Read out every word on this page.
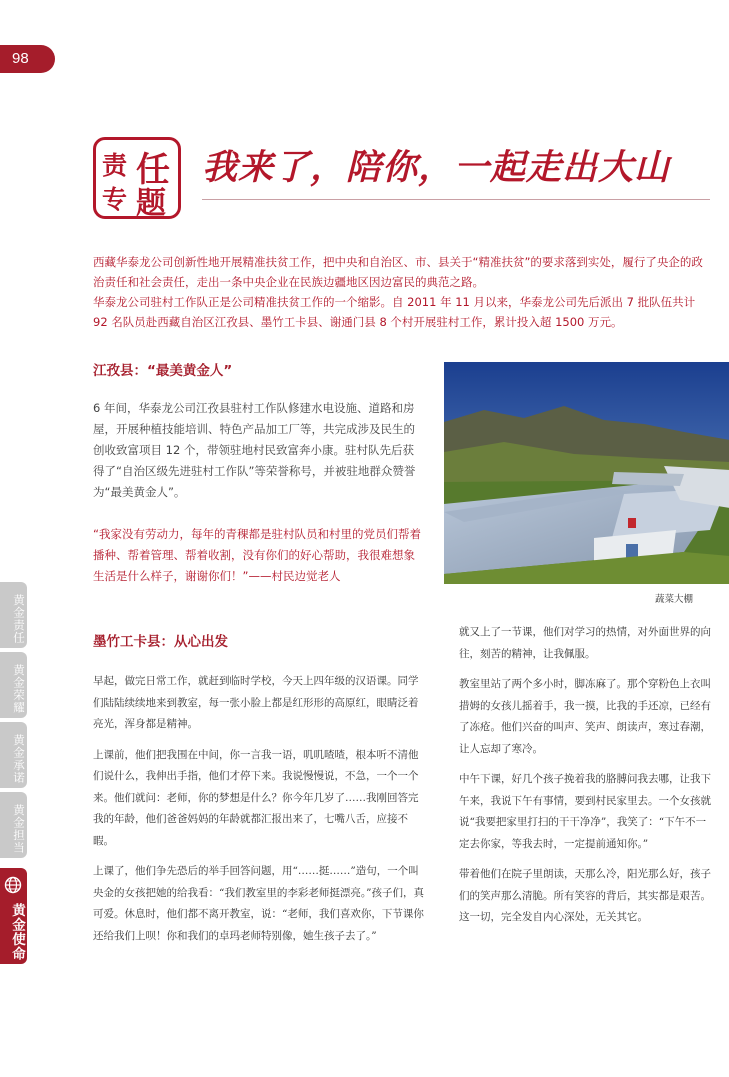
98
责 任
专 题
我来了，陪你，一起走出大山

西藏华泰龙公司创新性地开展精准扶贫工作，把中央和自治区、市、县关于“精准扶贫”的要求落到实处，履行了央企的政治责任和社会责任，走出一条中央企业在民族边疆地区因边富民的典范之路。

华泰龙公司驻村工作队正是公司精准扶贫工作的一个缩影。自 2011 年 11 月以来，华泰龙公司先后派出 7 批队伍共计 92 名队员赴西藏自治区江孜县、墨竹工卡县、谢通门县 8 个村开展驻村工作，累计投入超 1500 万元。

江孜县：“最美黄金人”

6 年间，华泰龙公司江孜县驻村工作队修建水电设施、道路和房屋，开展种植技能培训、特色产品加工厂等，共完成涉及民生的创收致富项目 12 个，带领驻地村民致富奔小康。驻村队先后获得了“自治区级先进驻村工作队”等荣誉称号，并被驻地群众赞誉为“最美黄金人”。

“我家没有劳动力，每年的青稞都是驻村队员和村里的党员们帮着播种、帮着管理、帮着收割，没有你们的好心帮助，我很难想象生活是什么样子，谢谢你们！”——村民边觉老人

蔬菜大棚
墨竹工卡县：从心出发

早起，做完日常工作，就赶到临时学校，今天上四年级的汉语课。同学们陆陆续续地来到教室，每一张小脸上都是红形形的高原红，眼睛泛着亮光，浑身都是精神。

上课前，他们把我围在中间，你一言我一语，叽叽喳喳，根本听不清他们说什么，我伸出手指，他们才停下来。我说慢慢说，不急，一个一个来。他们就问：老师，你的梦想是什么？你今年几岁了……我刚回答完我的年龄，他们爸爸妈妈的年龄就都汇报出来了，七嘴八舌，应接不暇。

上课了，他们争先恐后的举手回答问题，用“……挺……”造句，一个叫央金的女孩把她的给我看：“我们教室里的李彩老师挺漂亮。”孩子们，真可爱。休息时，他们都不离开教室，说：“老师，我们喜欢你，下节课你还给我们上呗！你和我们的卓玛老师特别像，她生孩子去了。”

就又上了一节课，他们对学习的热情，对外面世界的向往，刻苦的精神，让我佩服。

教室里站了两个多小时，脚冻麻了。那个穿粉色上衣叫措姆的女孩儿摇着手，我一摸，比我的手还凉，已经有了冻疮。他们兴奋的叫声、笑声、朗读声，寒过春潮，让人忘却了寒冷。

中午下课，好几个孩子挽着我的胳膊问我去哪，让我下午来，我说下午有事情，要到村民家里去。一个女孩就说“我要把家里打扫的干干净净”，我笑了：“下午不一定去你家，等我去时，一定提前通知你。”

带着他们在院子里朗读，天那么冷，阳光那么好，孩子们的笑声那么清脆。所有笑容的背后，其实都是艰苦。这一切，完全发自内心深处，无关其它。

黄金责任
黄金荣耀
黄金承诺
黄金担当
黄金使命
